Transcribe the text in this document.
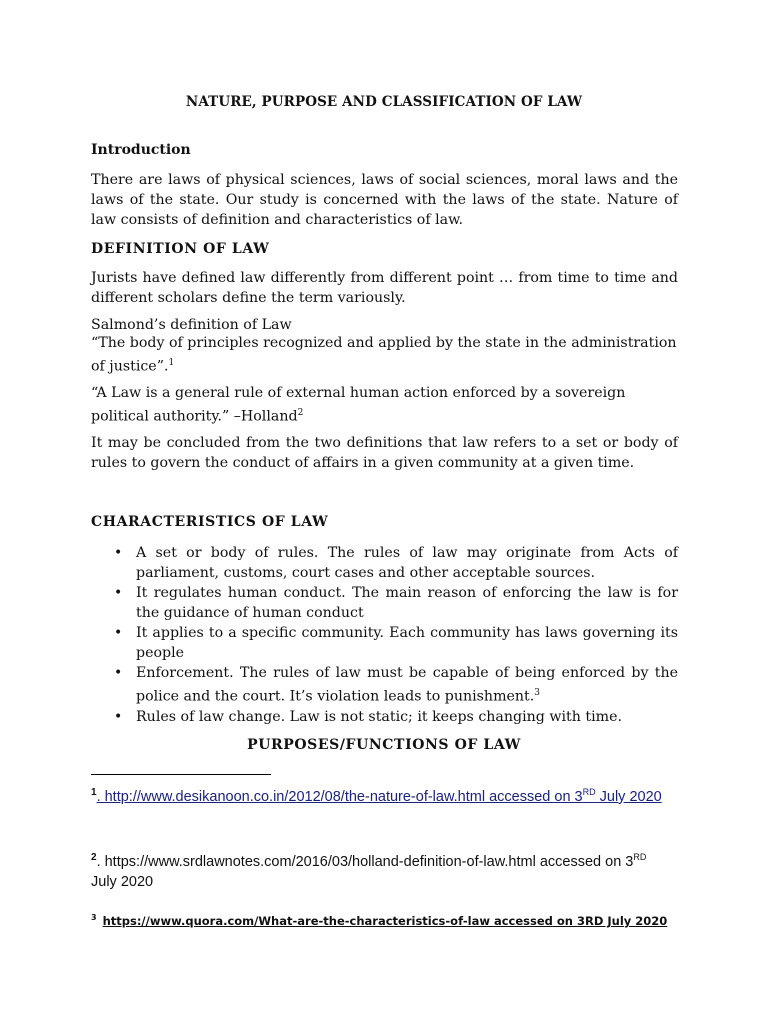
NATURE, PURPOSE AND CLASSIFICATION OF LAW
Introduction
There are laws of physical sciences, laws of social sciences, moral laws and the laws of the state. Our study is concerned with the laws of the state. Nature of law consists of definition and characteristics of law.
DEFINITION OF LAW
Jurists have defined law differently from different point … from time to time and different scholars define the term variously.
Salmond’s definition of Law
“The body of principles recognized and applied by the state in the administration of justice”.$^1$
“A Law is a general rule of external human action enforced by a sovereign political authority.” –Holland$^2$
It may be concluded from the two definitions that law refers to a set or body of rules to govern the conduct of affairs in a given community at a given time.
CHARACTERISTICS OF LAW
• A set or body of rules. The rules of law may originate from Acts of parliament, customs, court cases and other acceptable sources.
• It regulates human conduct. The main reason of enforcing the law is for the guidance of human conduct
• It applies to a specific community. Each community has laws governing its people
• Enforcement. The rules of law must be capable of being enforced by the police and the court. It’s violation leads to punishment.$^3$
• Rules of law change. Law is not static; it keeps changing with time.
PURPOSES/FUNCTIONS OF LAW
$^1$. http://www.desikanoon.co.in/2012/08/the-nature-of-law.html accessed on 3RD July 2020
$^2$. https://www.srdlawnotes.com/2016/03/holland-definition-of-law.html accessed on 3RD
July 2020
$^3$ https://www.quora.com/What-are-the-characteristics-of-law accessed on 3RD July 2020
